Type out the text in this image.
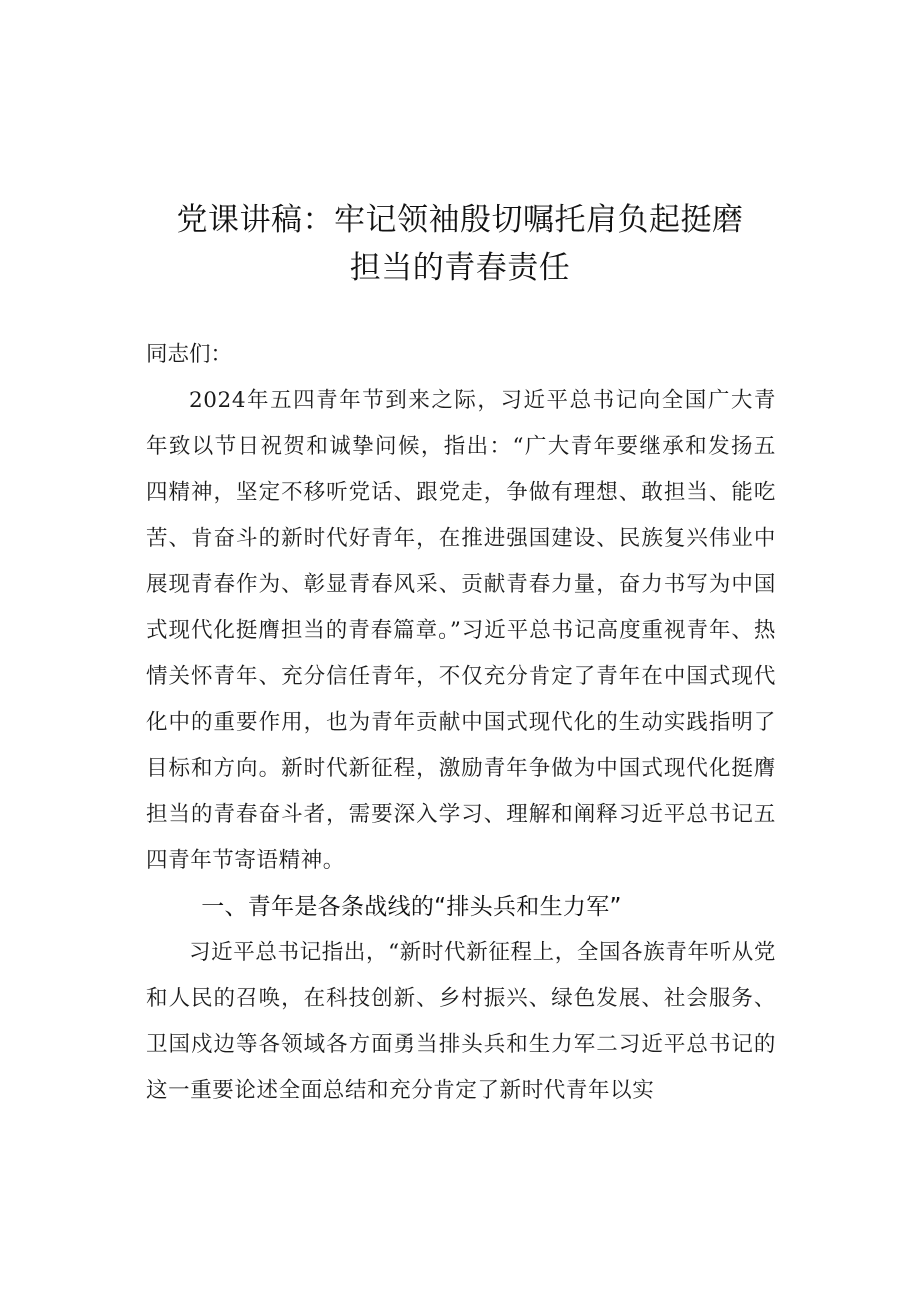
党课讲稿：牢记领袖殷切嘱托肩负起挺磨
担当的青春责任

同志们：

2024年五四青年节到来之际，习近平总书记向全国广大青年致以节日祝贺和诚挚问候，指出：“广大青年要继承和发扬五四精神，坚定不移听党话、跟党走，争做有理想、敢担当、能吃苦、肯奋斗的新时代好青年，在推进强国建设、民族复兴伟业中展现青春作为、彰显青春风采、贡献青春力量，奋力书写为中国式现代化挺膺担当的青春篇章。”习近平总书记高度重视青年、热情关怀青年、充分信任青年，不仅充分肯定了青年在中国式现代化中的重要作用，也为青年贡献中国式现代化的生动实践指明了目标和方向。新时代新征程，激励青年争做为中国式现代化挺膺担当的青春奋斗者，需要深入学习、理解和阐释习近平总书记五四青年节寄语精神。

一、青年是各条战线的“排头兵和生力军”

习近平总书记指出，“新时代新征程上，全国各族青年听从党和人民的召唤，在科技创新、乡村振兴、绿色发展、社会服务、卫国戍边等各领域各方面勇当排头兵和生力军二习近平总书记的这一重要论述全面总结和充分肯定了新时代青年以实
